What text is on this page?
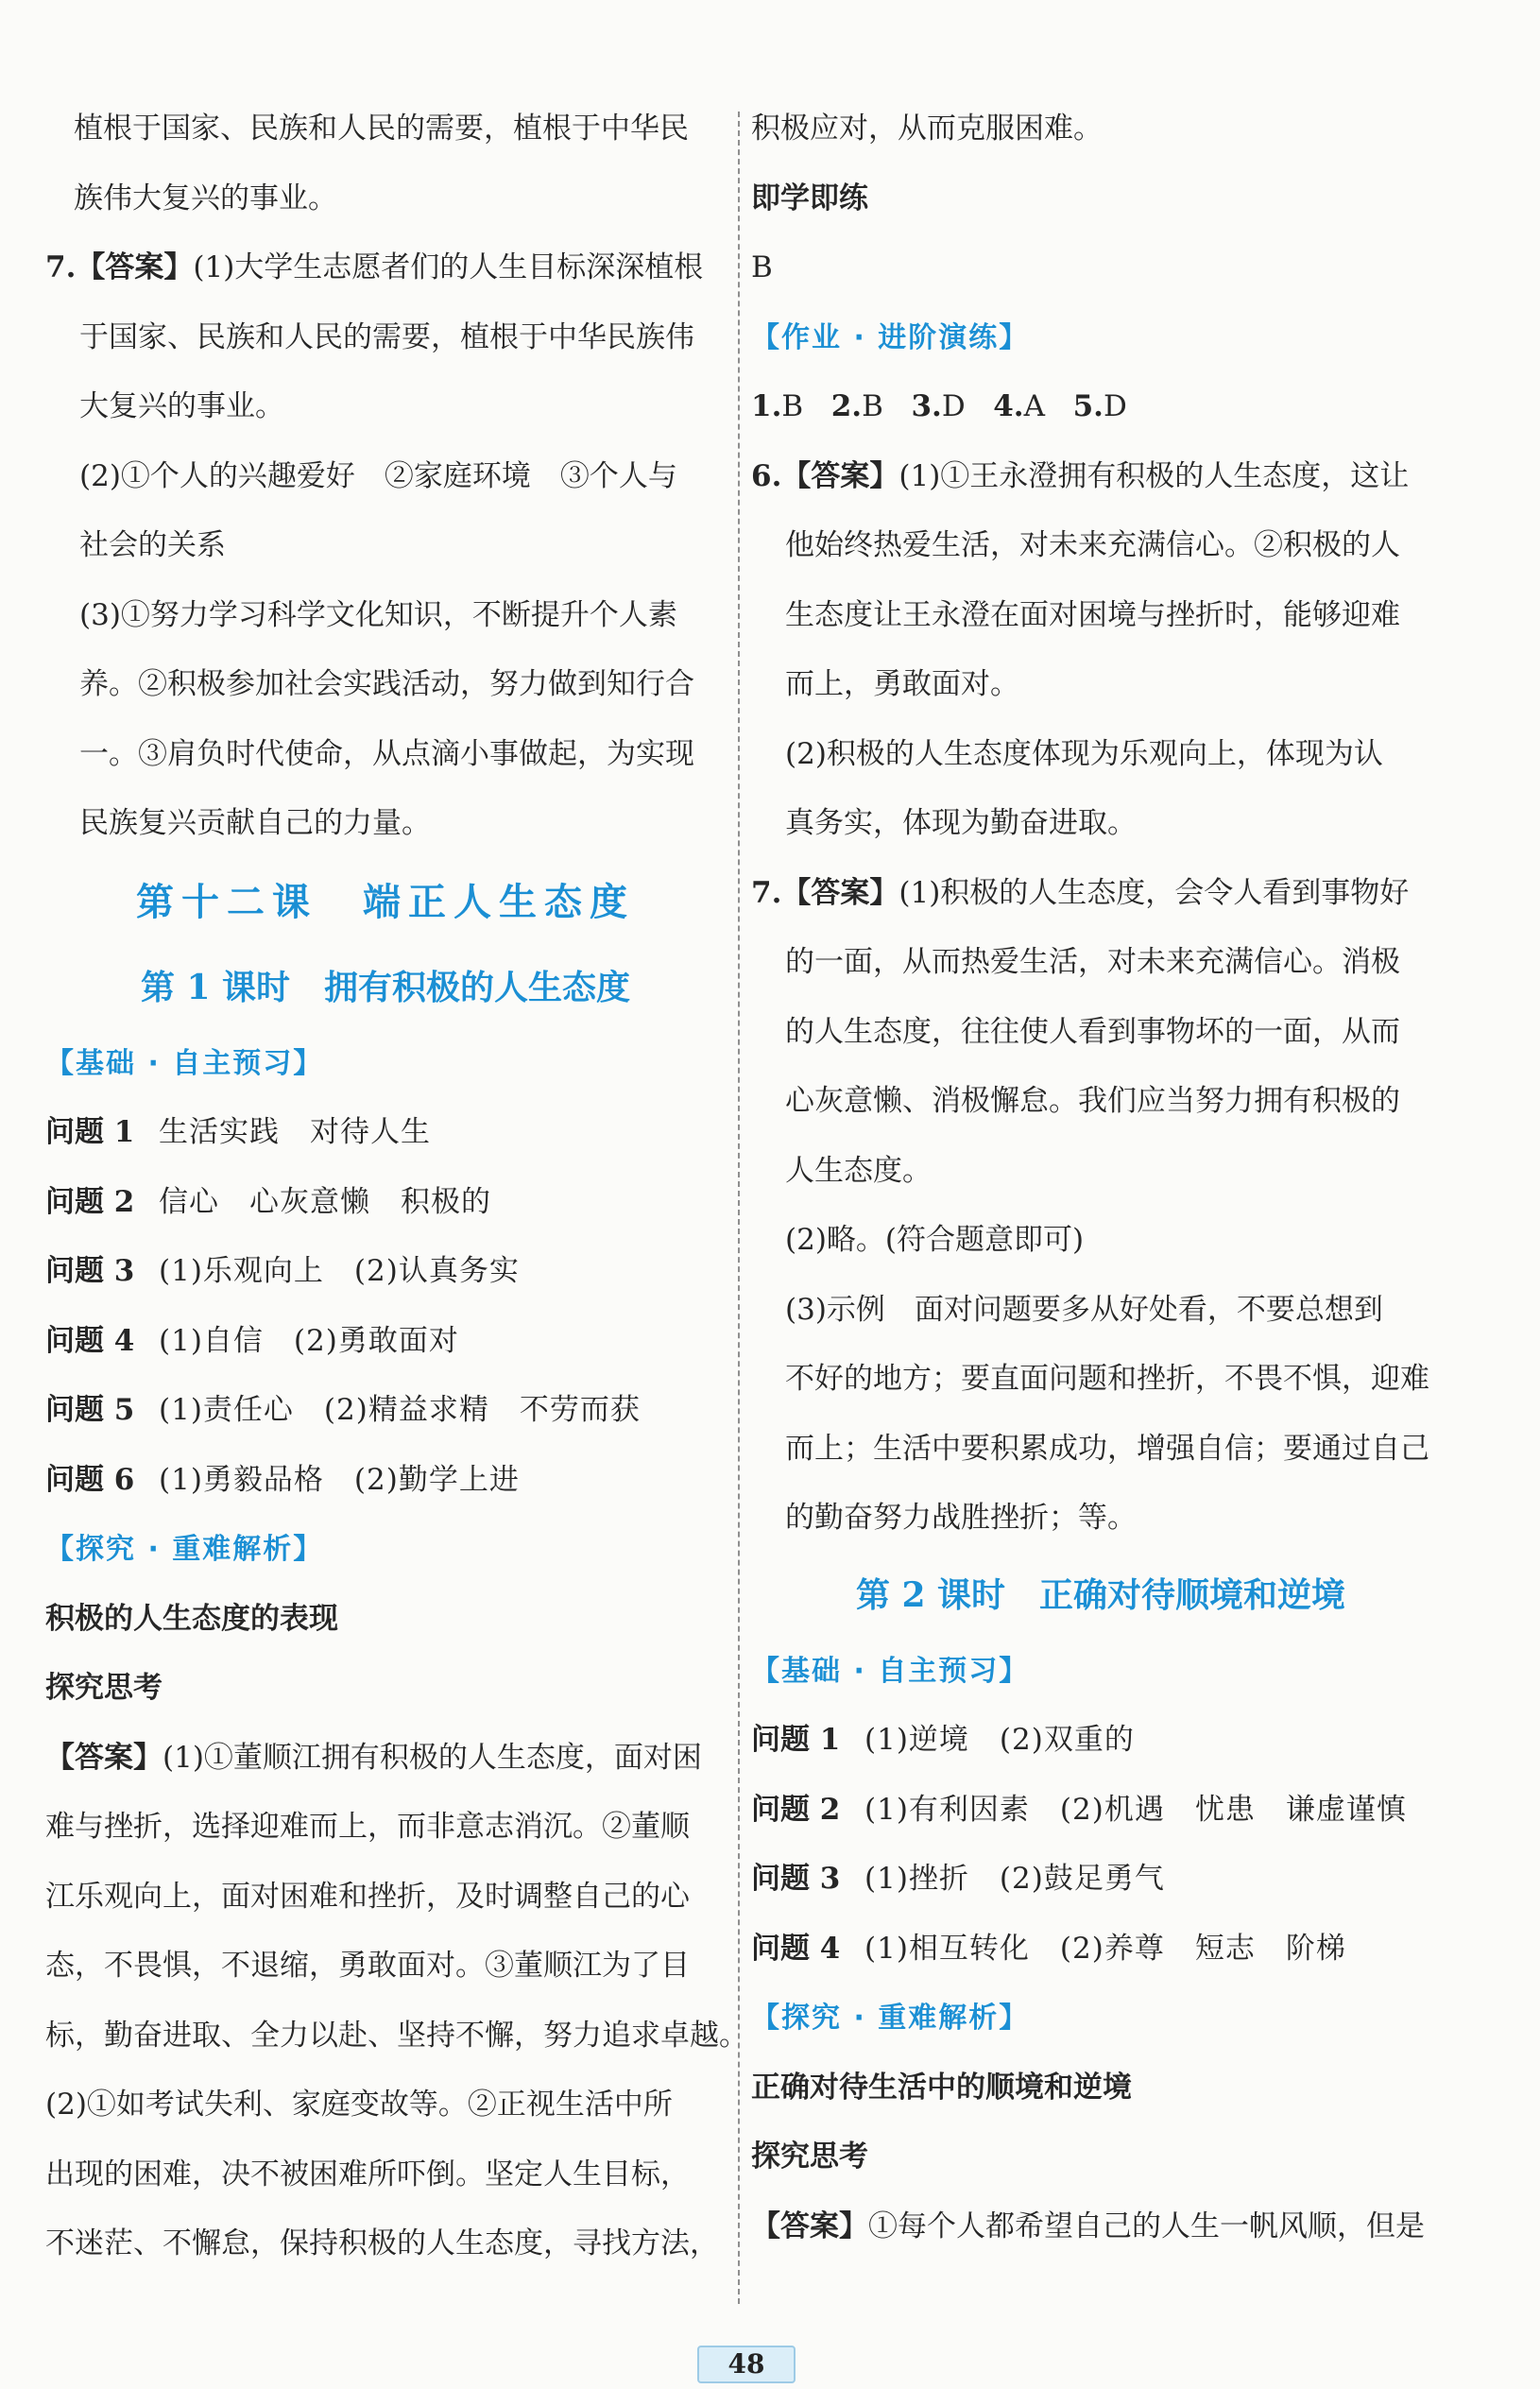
植根于国家、民族和人民的需要，植根于中华民
族伟大复兴的事业。
7.【答案】(1)大学生志愿者们的人生目标深深植根
于国家、民族和人民的需要，植根于中华民族伟
大复兴的事业。
(2)①个人的兴趣爱好　②家庭环境　③个人与
社会的关系
(3)①努力学习科学文化知识，不断提升个人素
养。②积极参加社会实践活动，努力做到知行合
一。③肩负时代使命，从点滴小事做起，为实现
民族复兴贡献自己的力量。
第十二课　端正人生态度
第 1 课时　拥有积极的人生态度
【基础 · 自主预习】
问题 1 生活实践　对待人生
问题 2 信心　心灰意懒　积极的
问题 3 (1)乐观向上　(2)认真务实
问题 4 (1)自信　(2)勇敢面对
问题 5 (1)责任心　(2)精益求精　不劳而获
问题 6 (1)勇毅品格　(2)勤学上进
【探究 · 重难解析】
积极的人生态度的表现
探究思考
【答案】(1)①董顺江拥有积极的人生态度，面对困
难与挫折，选择迎难而上，而非意志消沉。②董顺
江乐观向上，面对困难和挫折，及时调整自己的心
态，不畏惧，不退缩，勇敢面对。③董顺江为了目
标，勤奋进取、全力以赴、坚持不懈，努力追求卓越。
(2)①如考试失利、家庭变故等。②正视生活中所
出现的困难，决不被困难所吓倒。坚定人生目标，
不迷茫、不懈怠，保持积极的人生态度，寻找方法，
积极应对，从而克服困难。
即学即练
B
【作业 · 进阶演练】
1.B 2.B 3.D 4.A 5.D
6.【答案】(1)①王永澄拥有积极的人生态度，这让
他始终热爱生活，对未来充满信心。②积极的人
生态度让王永澄在面对困境与挫折时，能够迎难
而上，勇敢面对。
(2)积极的人生态度体现为乐观向上，体现为认
真务实，体现为勤奋进取。
7.【答案】(1)积极的人生态度，会令人看到事物好
的一面，从而热爱生活，对未来充满信心。消极
的人生态度，往往使人看到事物坏的一面，从而
心灰意懒、消极懈怠。我们应当努力拥有积极的
人生态度。
(2)略。(符合题意即可)
(3)示例　面对问题要多从好处看，不要总想到
不好的地方；要直面问题和挫折，不畏不惧，迎难
而上；生活中要积累成功，增强自信；要通过自己
的勤奋努力战胜挫折；等。
第 2 课时　正确对待顺境和逆境
【基础 · 自主预习】
问题 1 (1)逆境　(2)双重的
问题 2 (1)有利因素　(2)机遇　忧患　谦虚谨慎
问题 3 (1)挫折　(2)鼓足勇气
问题 4 (1)相互转化　(2)养尊　短志　阶梯
【探究 · 重难解析】
正确对待生活中的顺境和逆境
探究思考
【答案】①每个人都希望自己的人生一帆风顺，但是
48
